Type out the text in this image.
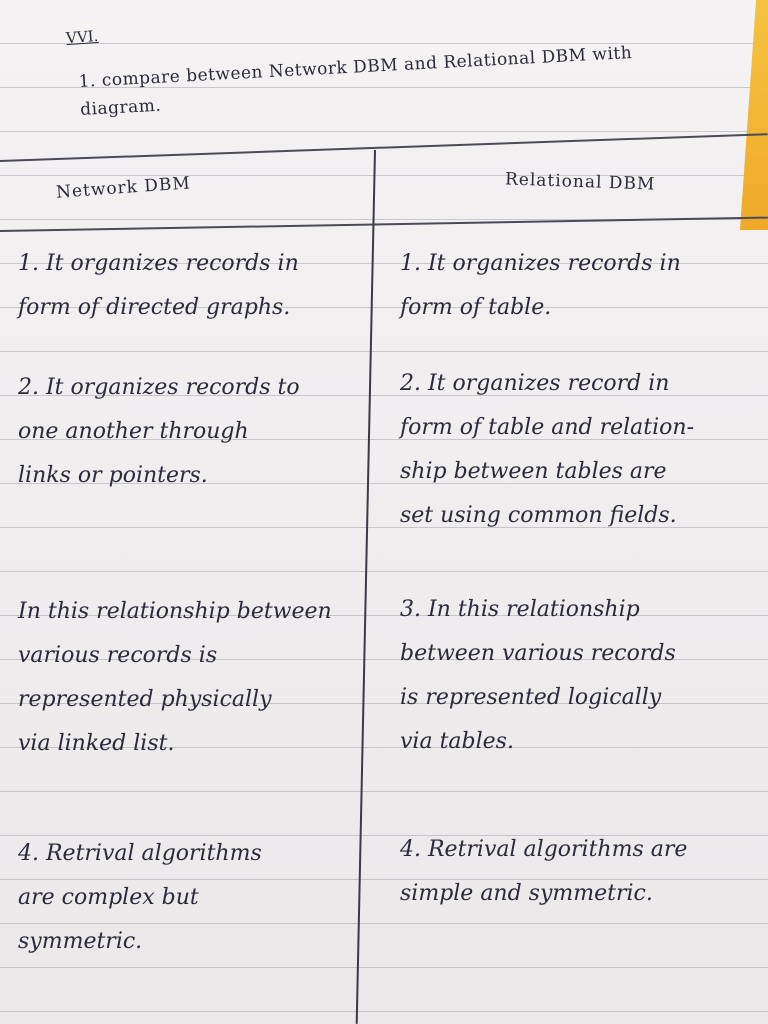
VVI.
1. compare between Network DBM and Relational DBM with diagram.
Network DBM	Relational DBM
1. It organizes records in
form of directed graphs.
1. It organizes records in
form of table.
2. It organizes records to
one another through
links or pointers.
2. It organizes record in
form of table and relation-
ship between tables are
set using common fields.
In this relationship between
various records is
represented physically
via linked list.
3. In this relationship
between various records
is represented logically
via tables.
4. Retrival algorithms
are complex but
symmetric.
4. Retrival algorithms are
simple and symmetric.
